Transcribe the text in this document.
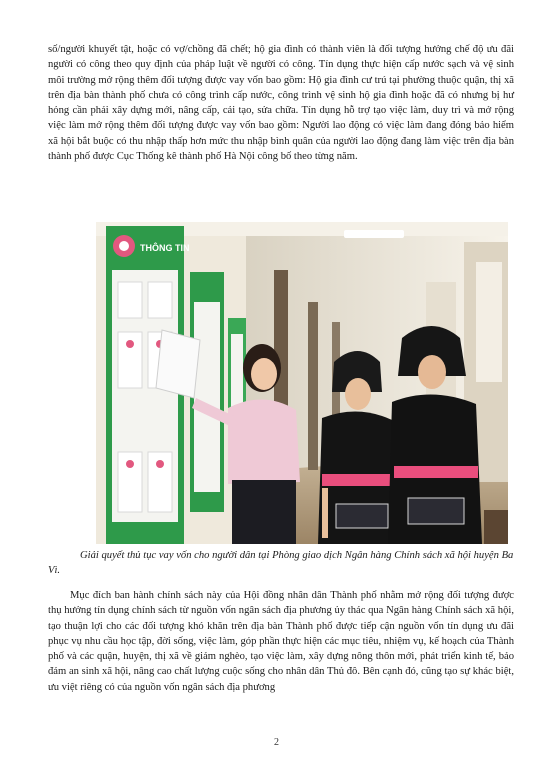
số/người khuyết tật, hoặc có vợ/chồng đã chết; hộ gia đình có thành viên là đối tượng hưởng chế độ ưu đãi người có công theo quy định của pháp luật về người có công. Tín dụng thực hiện cấp nước sạch và vệ sinh môi trường mở rộng thêm đối tượng được vay vốn bao gồm: Hộ gia đình cư trú tại phường thuộc quận, thị xã trên địa bàn thành phố chưa có công trình cấp nước, công trình vệ sinh hộ gia đình hoặc đã có nhưng bị hư hỏng cần phải xây dựng mới, nâng cấp, cải tạo, sửa chữa. Tín dụng hỗ trợ tạo việc làm, duy trì và mở rộng việc làm mở rộng thêm đối tượng được vay vốn bao gồm: Người lao động có việc làm đang đóng bảo hiểm xã hội bắt buộc có thu nhập thấp hơn mức thu nhập bình quân của người lao động đang làm việc trên địa bàn thành phố được Cục Thống kê thành phố Hà Nội công bố theo từng năm.

THÔNG TIN

Giải quyết thủ tục vay vốn cho người dân tại Phòng giao dịch Ngân hàng Chính sách xã hội huyện Ba Vì.

Mục đích ban hành chính sách này của Hội đồng nhân dân Thành phố nhằm mở rộng đối tượng được thụ hưởng tín dụng chính sách từ nguồn vốn ngân sách địa phương ủy thác qua Ngân hàng Chính sách xã hội, tạo thuận lợi cho các đối tượng khó khăn trên địa bàn Thành phố được tiếp cận nguồn vốn tín dụng ưu đãi phục vụ nhu cầu học tập, đời sống, việc làm, góp phần thực hiện các mục tiêu, nhiệm vụ, kế hoạch của Thành phố và các quận, huyện, thị xã về giảm nghèo, tạo việc làm, xây dựng nông thôn mới, phát triển kinh tế, bảo đảm an sinh xã hội, nâng cao chất lượng cuộc sống cho nhân dân Thủ đô. Bên cạnh đó, cũng tạo sự khác biệt, ưu việt riêng có của nguồn vốn ngân sách địa phương

2
